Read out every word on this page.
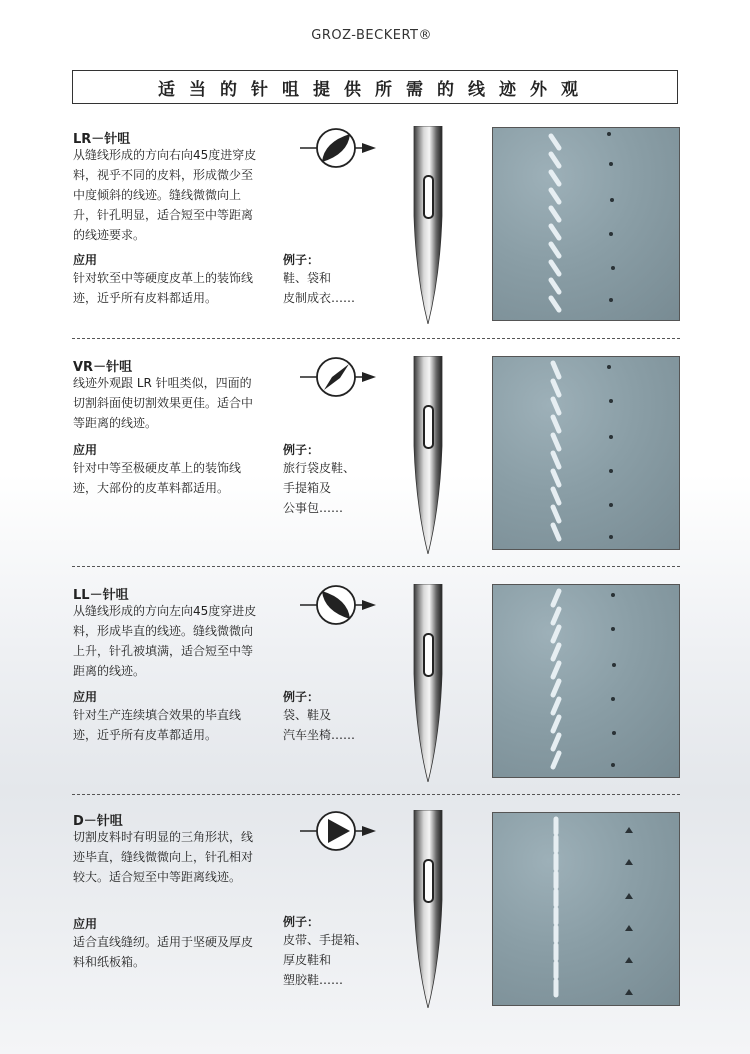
GROZ-BECKERT®
适当的针咀提供所需的线迹外观
LR－针咀
从缝线形成的方向右向45度进穿皮料，视乎不同的皮料，形成微少至中度倾斜的线迹。缝线微微向上升，针孔明显，适合短至中等距离的线迹要求。
应用
针对软至中等硬度皮革上的装饰线迹，近乎所有皮料都适用。
例子：
鞋、袋和
皮制成衣……
VR－针咀
线迹外观跟 LR 针咀类似，四面的切割斜面使切割效果更佳。适合中等距离的线迹。
应用
针对中等至极硬皮革上的装饰线迹，大部份的皮革料都适用。
例子：
旅行袋皮鞋、
手提箱及
公事包……
LL－针咀
从缝线形成的方向左向45度穿进皮料，形成毕直的线迹。缝线微微向上升，针孔被填满，适合短至中等距离的线迹。
应用
针对生产连续填合效果的毕直线迹，近乎所有皮革都适用。
例子：
袋、鞋及
汽车坐椅……
D－针咀
切割皮料时有明显的三角形状，线迹毕直，缝线微微向上，针孔相对较大。适合短至中等距离线迹。
应用
适合直线缝纫。适用于坚硬及厚皮料和纸板箱。
例子：
皮带、手提箱、
厚皮鞋和
塑胶鞋……
